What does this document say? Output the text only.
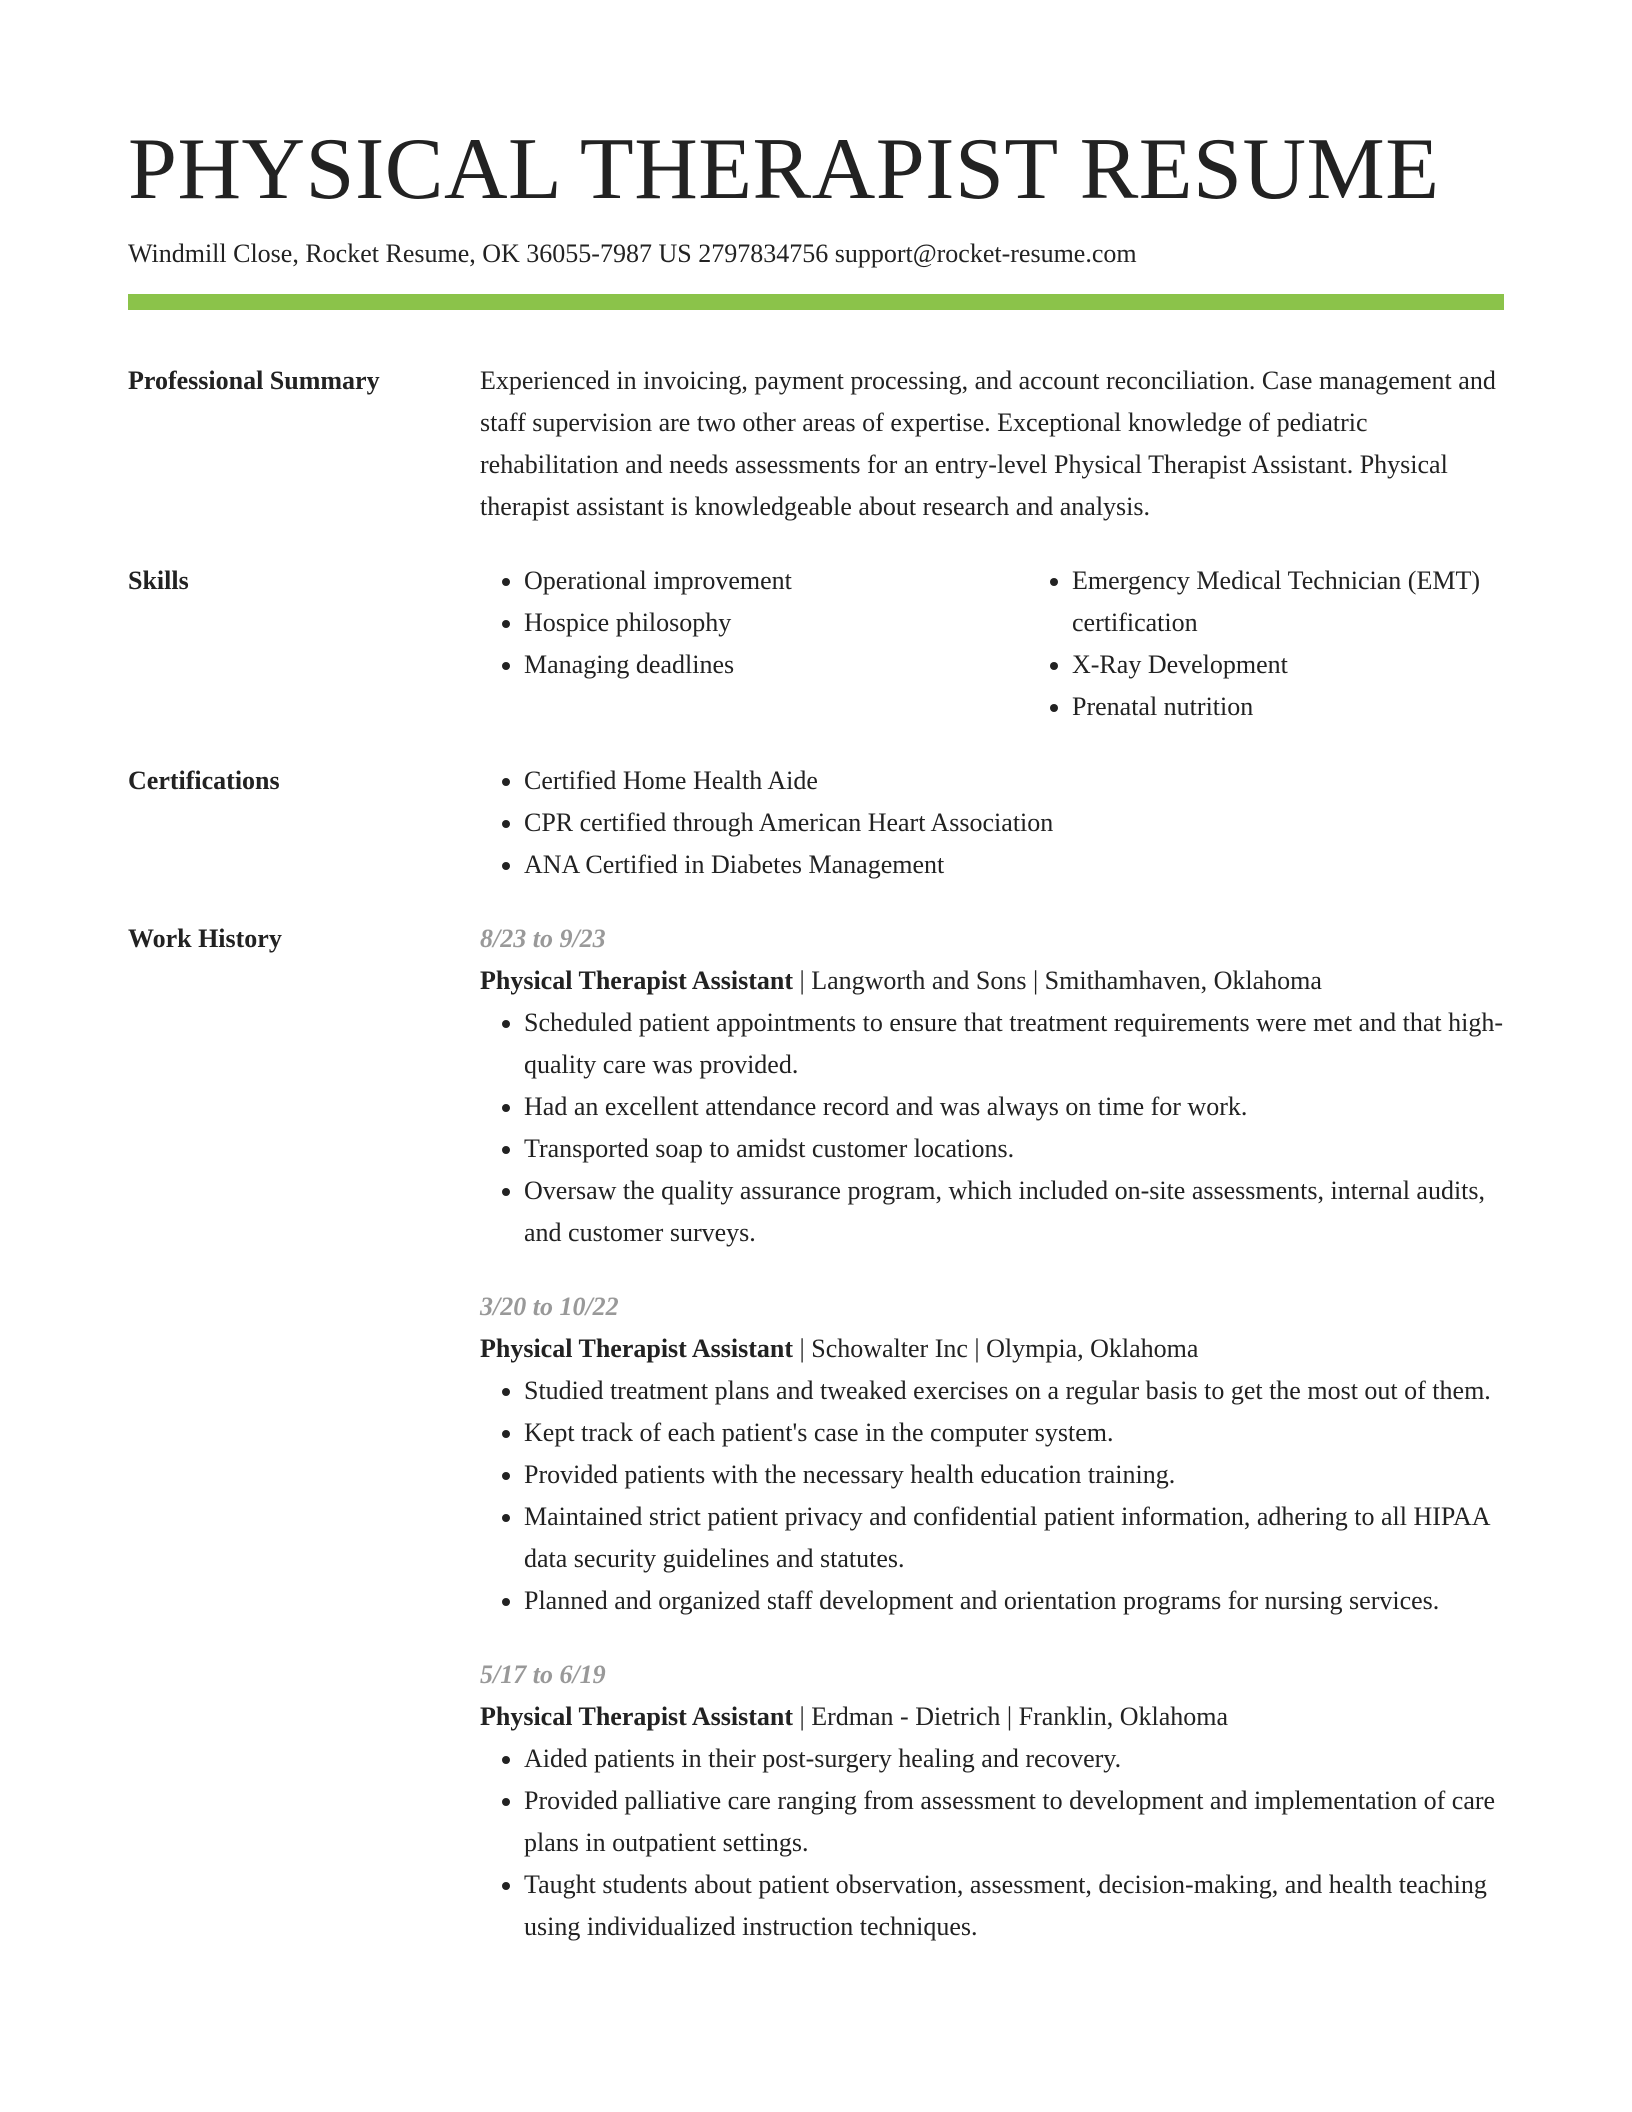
PHYSICAL THERAPIST RESUME
Windmill Close, Rocket Resume, OK 36055-7987 US 2797834756 support@rocket-resume.com
Professional Summary	Experienced in invoicing, payment processing, and account reconciliation. Case management and staff supervision are two other areas of expertise. Exceptional knowledge of pediatric rehabilitation and needs assessments for an entry-level Physical Therapist Assistant. Physical therapist assistant is knowledgeable about research and analysis.

Skills	• Operational improvement
• Hospice philosophy
• Managing deadlines
• Emergency Medical Technician (EMT) certification
• X-Ray Development
• Prenatal nutrition
Certifications	• Certified Home Health Aide
• CPR certified through American Heart Association
• ANA Certified in Diabetes Management
Work History	8/23 to 9/23
Physical Therapist Assistant | Langworth and Sons | Smithamhaven, Oklahoma
• Scheduled patient appointments to ensure that treatment requirements were met and that high-quality care was provided.
• Had an excellent attendance record and was always on time for work.
• Transported soap to amidst customer locations.
• Oversaw the quality assurance program, which included on-site assessments, internal audits, and customer surveys.
3/20 to 10/22
Physical Therapist Assistant | Schowalter Inc | Olympia, Oklahoma
• Studied treatment plans and tweaked exercises on a regular basis to get the most out of them.
• Kept track of each patient's case in the computer system.
• Provided patients with the necessary health education training.
• Maintained strict patient privacy and confidential patient information, adhering to all HIPAA data security guidelines and statutes.
• Planned and organized staff development and orientation programs for nursing services.
5/17 to 6/19
Physical Therapist Assistant | Erdman - Dietrich | Franklin, Oklahoma
• Aided patients in their post-surgery healing and recovery.
• Provided palliative care ranging from assessment to development and implementation of care plans in outpatient settings.
• Taught students about patient observation, assessment, decision-making, and health teaching using individualized instruction techniques.
